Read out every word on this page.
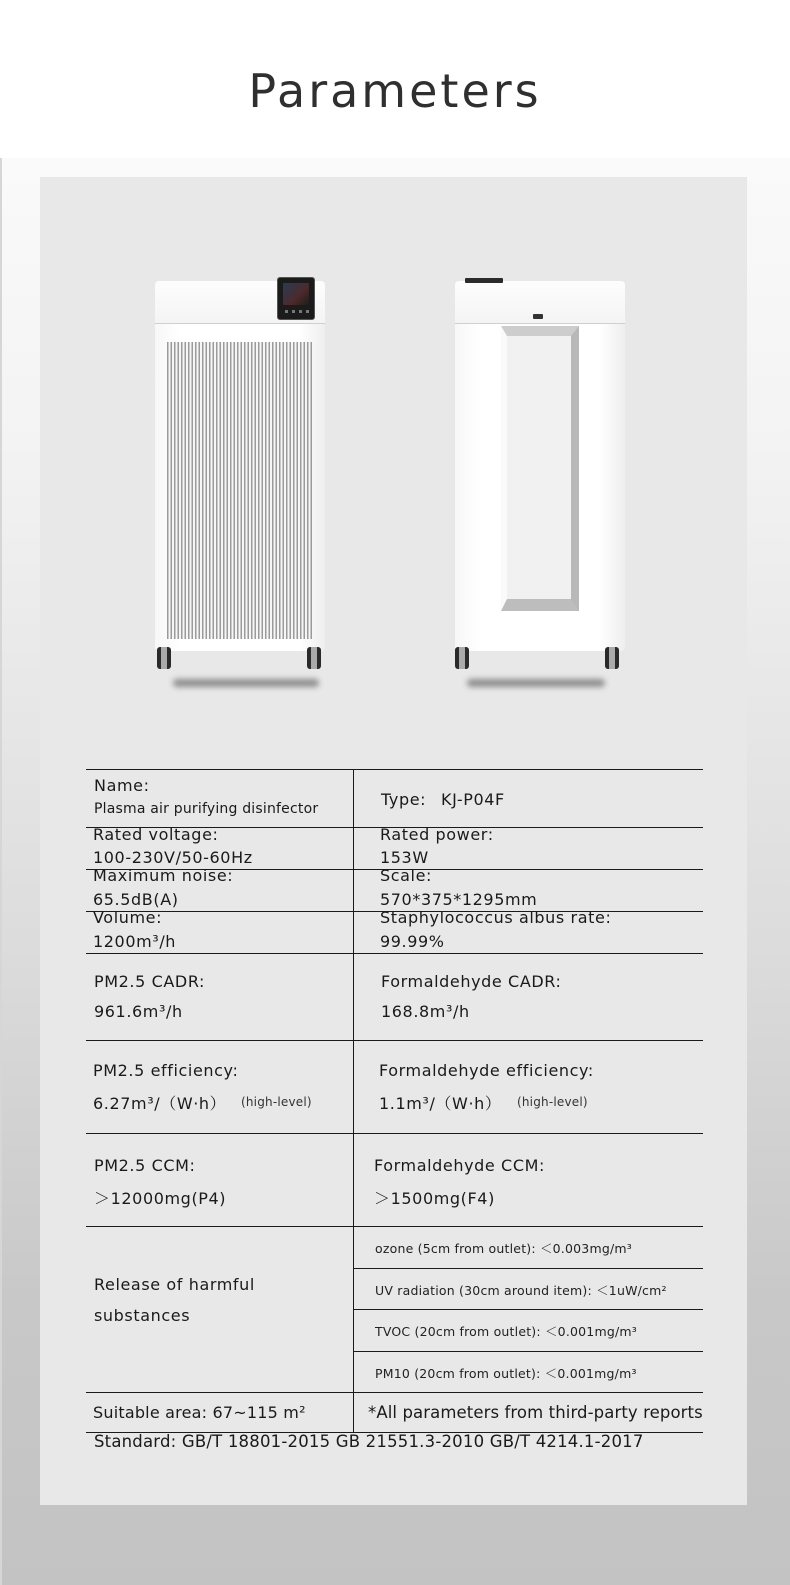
Parameters
Name:
Plasma air purifying disinfector	Type: KJ-P04F
Rated voltage:
100-230V/50-60Hz
Rated power:
153W
Maximum noise:
65.5dB(A)
Scale:
570*375*1295mm
Volume:
1200m³/h
Staphylococcus albus rate:
99.99%
PM2.5 CADR:
961.6m³/h
Formaldehyde CADR:
168.8m³/h
PM2.5 efficiency:
6.27m³/（W·h） (high-level)
Formaldehyde efficiency:
1.1m³/（W·h） (high-level)
PM2.5 CCM:
＞12000mg(P4)
Formaldehyde CCM:
＞1500mg(F4)
Release of harmful
substances
ozone (5cm from outlet): ＜0.003mg/m³
UV radiation (30cm around item): ＜1uW/cm²
TVOC (20cm from outlet): ＜0.001mg/m³
PM10 (20cm from outlet): ＜0.001mg/m³
Suitable area: 67~115 m²	*All parameters from third-party reports
Standard: GB/T 18801-2015 GB 21551.3-2010 GB/T 4214.1-2017
